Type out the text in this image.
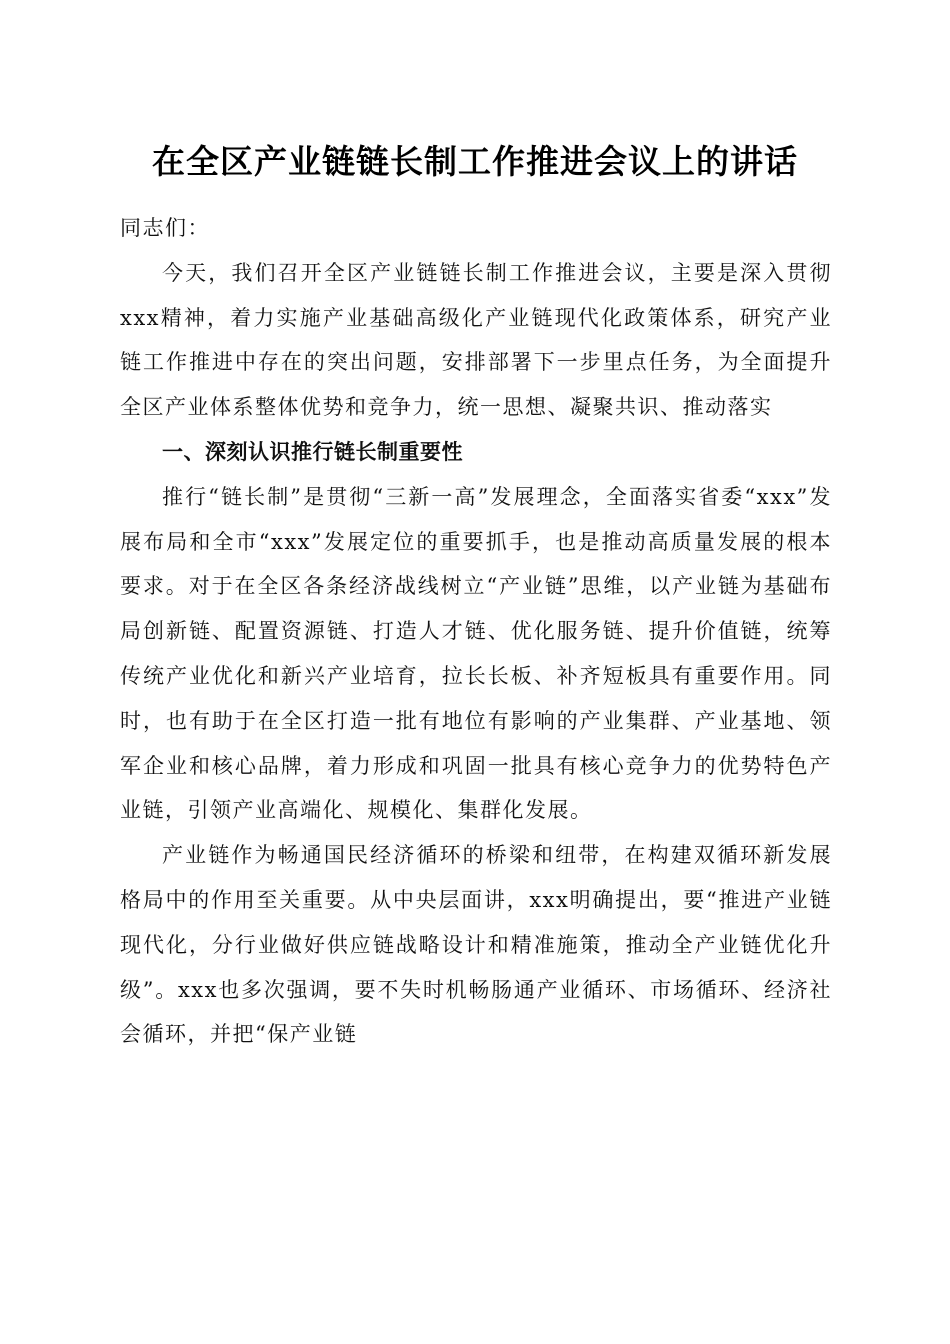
在全区产业链链长制工作推进会议上的讲话

同志们：

今天，我们召开全区产业链链长制工作推进会议，主要是深入贯彻xxx精神，着力实施产业基础高级化产业链现代化政策体系，研究产业链工作推进中存在的突出问题，安排部署下一步里点任务，为全面提升全区产业体系整体优势和竞争力，统一思想、凝聚共识、推动落实

一、深刻认识推行链长制重要性

推行“链长制”是贯彻“三新一高”发展理念，全面落实省委“xxx”发展布局和全市“xxx”发展定位的重要抓手，也是推动高质量发展的根本要求。对于在全区各条经济战线树立“产业链”思维，以产业链为基础布局创新链、配置资源链、打造人才链、优化服务链、提升价值链，统筹传统产业优化和新兴产业培育，拉长长板、补齐短板具有重要作用。同时，也有助于在全区打造一批有地位有影响的产业集群、产业基地、领军企业和核心品牌，着力形成和巩固一批具有核心竞争力的优势特色产业链，引领产业高端化、规模化、集群化发展。

产业链作为畅通国民经济循环的桥梁和纽带，在构建双循环新发展格局中的作用至关重要。从中央层面讲，xxx明确提出，要“推进产业链现代化，分行业做好供应链战略设计和精准施策，推动全产业链优化升级”。xxx也多次强调，要不失时机畅肠通产业循环、市场循环、经济社会循环，并把“保产业链
